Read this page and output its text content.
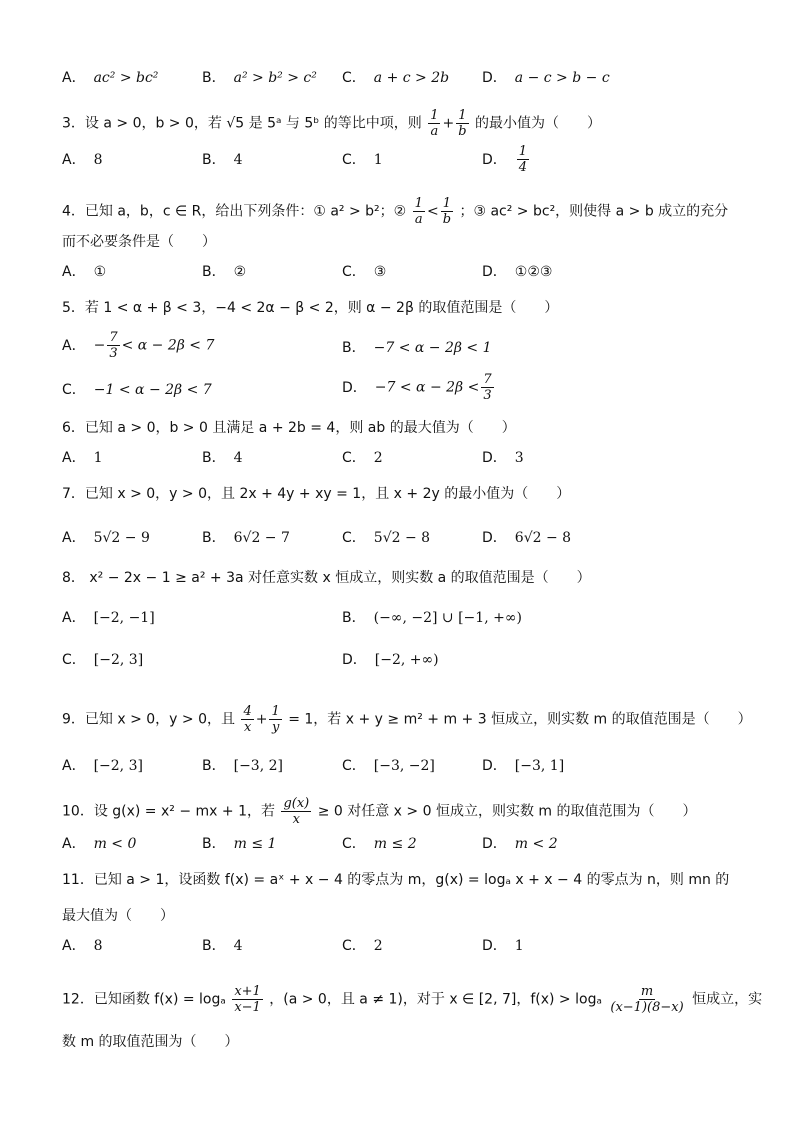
A． ac² > bc²	B． a² > b² > c² C． a + c > 2b D． a − c > b − c
3．设 a > 0，b > 0，若 √5 是 5ᵃ 与 5ᵇ 的等比中项，则 $\frac{1}{a} + \frac{1}{b}$ 的最小值为（　　）
A． 8	B． 4	C． 1	D． $\frac{1}{4}$
4．已知 a，b，c ∈ R，给出下列条件：① a² > b²；② $\frac{1}{a} < \frac{1}{b}$ ；③ ac² > bc²，则使得 a > b 成立的充分
而不必要条件是（　　）
A． ①	B． ②	C． ③	D． ①②③
5．若 1 < α + β < 3，−4 < 2α − β < 2，则 α − 2β 的取值范围是（　　）
A． − $\frac{7}{3} < \alpha - 2\beta < 7$	B． −7 < α − 2β < 1
C． −1 < α − 2β < 7	D． $-7 < \alpha - 2\beta < \frac{7}{3}$
6．已知 a > 0，b > 0 且满足 a + 2b = 4，则 ab 的最大值为（　　）
A． 1	B． 4	C． 2	D． 3
7．已知 x > 0，y > 0，且 2x + 4y + xy = 1，且 x + 2y 的最小值为（　　）
A． 5√2 − 9	B． 6√2 − 7	C． 5√2 − 8	D． 6√2 − 8
8． x² − 2x − 1 ≥ a² + 3a 对任意实数 x 恒成立，则实数 a 的取值范围是（　　）
A． [−2, −1]	B． (−∞, −2] ∪ [−1, +∞)
C． [−2, 3]	D． [−2, +∞)
9．已知 x > 0，y > 0，且 $\frac{4}{x} + \frac{1}{y} = 1$，若 x + y ≥ m² + m + 3 恒成立，则实数 m 的取值范围是（　　）
A． [−2, 3]	B． [−3, 2]	C． [−3, −2]	D． [−3, 1]
10．设 g(x) = x² − mx + 1，若 $\frac{g(x)}{x} \ge 0$ 对任意 x > 0 恒成立，则实数 m 的取值范围为（　　）
A． m < 0	B． m ≤ 1	C． m ≤ 2	D． m < 2
11．已知 a > 1，设函数 f(x) = aˣ + x − 4 的零点为 m，g(x) = logₐ x + x − 4 的零点为 n，则 mn 的
最大值为（　　）
A． 8	B． 4	C． 2	D． 1
12．已知函数 f(x) = logₐ $\frac{x+1}{x-1}$ ，(a > 0，且 a ≠ 1)，对于 x ∈ [2, 7]，f(x) > logₐ $\frac{m}{(x-1)(8-x)}$ 恒成立，实
数 m 的取值范围为（　　）
